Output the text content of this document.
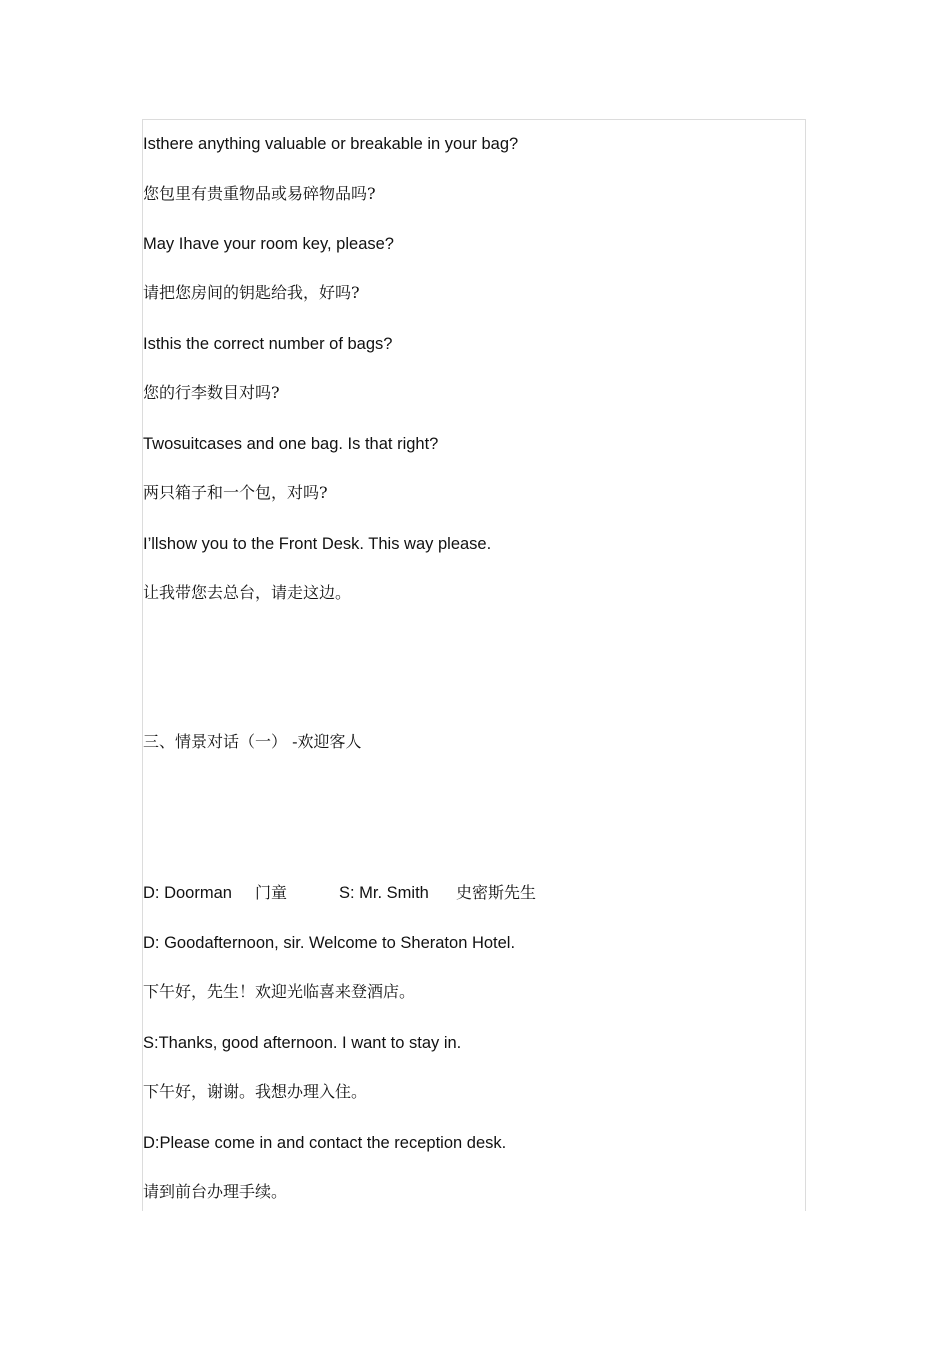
Isthere anything valuable or breakable in your bag?
您包里有贵重物品或易碎物品吗?
May Ihave your room key, please?
请把您房间的钥匙给我，好吗?
Isthis the correct number of bags?
您的行李数目对吗?
Twosuitcases and one bag. Is that right?
两只箱子和一个包，对吗?
I’llshow you to the Front Desk. This way please.
让我带您去总台，请走这边。
三、情景对话（一） -欢迎客人
D: Doorman 门童	S: Mr. Smith 史密斯先生
D: Goodafternoon, sir. Welcome to Sheraton Hotel.
下午好，先生！欢迎光临喜来登酒店。
S:Thanks, good afternoon. I want to stay in.
下午好，谢谢。我想办理入住。
D:Please come in and contact the reception desk.
请到前台办理手续。
